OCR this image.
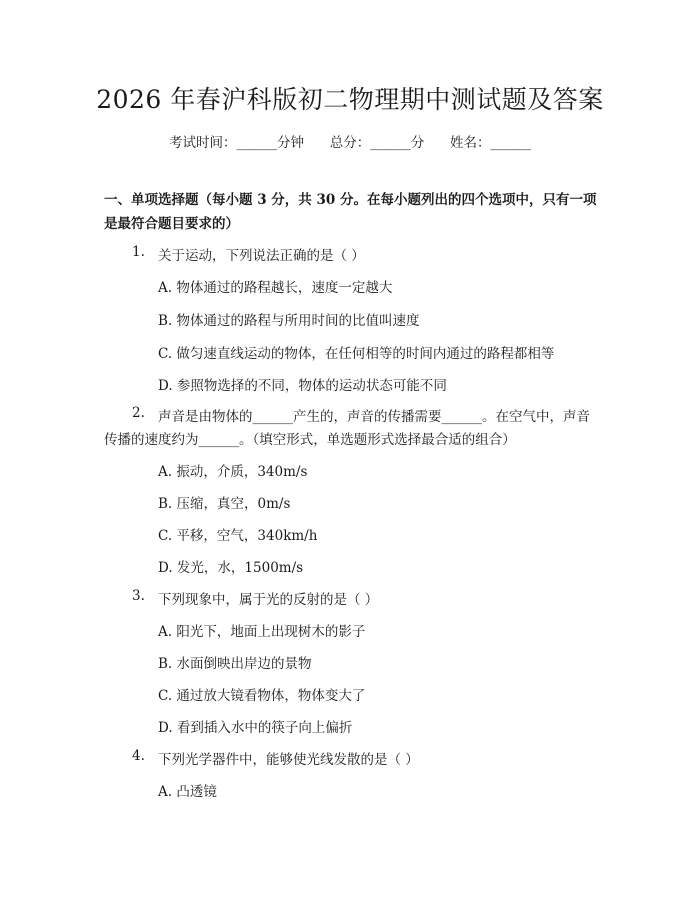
2026 年春沪科版初二物理期中测试题及答案
考试时间：______分钟      总分：______分      姓名：______
一、单项选择题（每小题 3 分，共 30 分。在每小题列出的四个选项中，只有一项
是最符合题目要求的）
1. 关于运动，下列说法正确的是（ ）
A. 物体通过的路程越长，速度一定越大
B. 物体通过的路程与所用时间的比值叫速度
C. 做匀速直线运动的物体，在任何相等的时间内通过的路程都相等
D. 参照物选择的不同，物体的运动状态可能不同
2. 声音是由物体的______产生的，声音的传播需要______。在空气中，声音
传播的速度约为______。（填空形式，单选题形式选择最合适的组合）
A. 振动，介质，340m/s
B. 压缩，真空，0m/s
C. 平移，空气，340km/h
D. 发光，水，1500m/s
3. 下列现象中，属于光的反射的是（ ）
A. 阳光下，地面上出现树木的影子
B. 水面倒映出岸边的景物
C. 通过放大镜看物体，物体变大了
D. 看到插入水中的筷子向上偏折
4. 下列光学器件中，能够使光线发散的是（ ）
A. 凸透镜
